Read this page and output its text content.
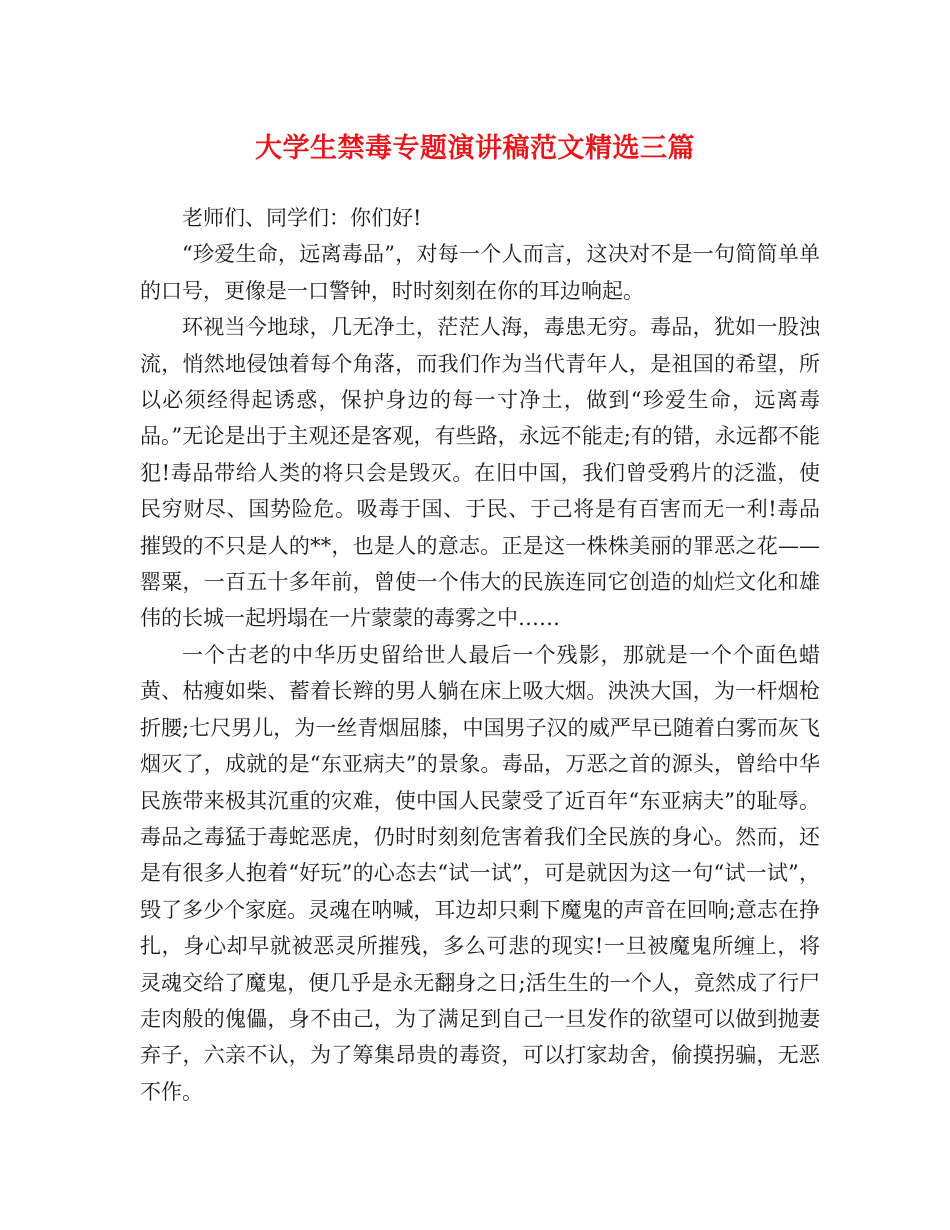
大学生禁毒专题演讲稿范文精选三篇

老师们、同学们：你们好!

“珍爱生命，远离毒品”，对每一个人而言，这决对不是一句简简单单的口号，更像是一口警钟，时时刻刻在你的耳边响起。

环视当今地球，几无净土，茫茫人海，毒患无穷。毒品，犹如一股浊流，悄然地侵蚀着每个角落，而我们作为当代青年人，是祖国的希望，所以必须经得起诱惑，保护身边的每一寸净土，做到“珍爱生命，远离毒品。”无论是出于主观还是客观，有些路，永远不能走;有的错，永远都不能犯!毒品带给人类的将只会是毁灭。在旧中国，我们曾受鸦片的泛滥，使民穷财尽、国势险危。吸毒于国、于民、于己将是有百害而无一利!毒品摧毁的不只是人的**，也是人的意志。正是这一株株美丽的罪恶之花——罂粟，一百五十多年前，曾使一个伟大的民族连同它创造的灿烂文化和雄伟的长城一起坍塌在一片蒙蒙的毒雾之中……

一个古老的中华历史留给世人最后一个残影，那就是一个个面色蜡黄、枯瘦如柴、蓄着长辫的男人躺在床上吸大烟。泱泱大国，为一杆烟枪折腰;七尺男儿，为一丝青烟屈膝，中国男子汉的威严早已随着白雾而灰飞烟灭了，成就的是“东亚病夫”的景象。毒品，万恶之首的源头，曾给中华民族带来极其沉重的灾难，使中国人民蒙受了近百年“东亚病夫”的耻辱。毒品之毒猛于毒蛇恶虎，仍时时刻刻危害着我们全民族的身心。然而，还是有很多人抱着“好玩”的心态去“试一试”，可是就因为这一句“试一试”，毁了多少个家庭。灵魂在呐喊，耳边却只剩下魔鬼的声音在回响;意志在挣扎，身心却早就被恶灵所摧残，多么可悲的现实!一旦被魔鬼所缠上，将灵魂交给了魔鬼，便几乎是永无翻身之日;活生生的一个人，竟然成了行尸走肉般的傀儡，身不由己，为了满足到自己一旦发作的欲望可以做到抛妻弃子，六亲不认，为了筹集昂贵的毒资，可以打家劫舍，偷摸拐骗，无恶不作。
